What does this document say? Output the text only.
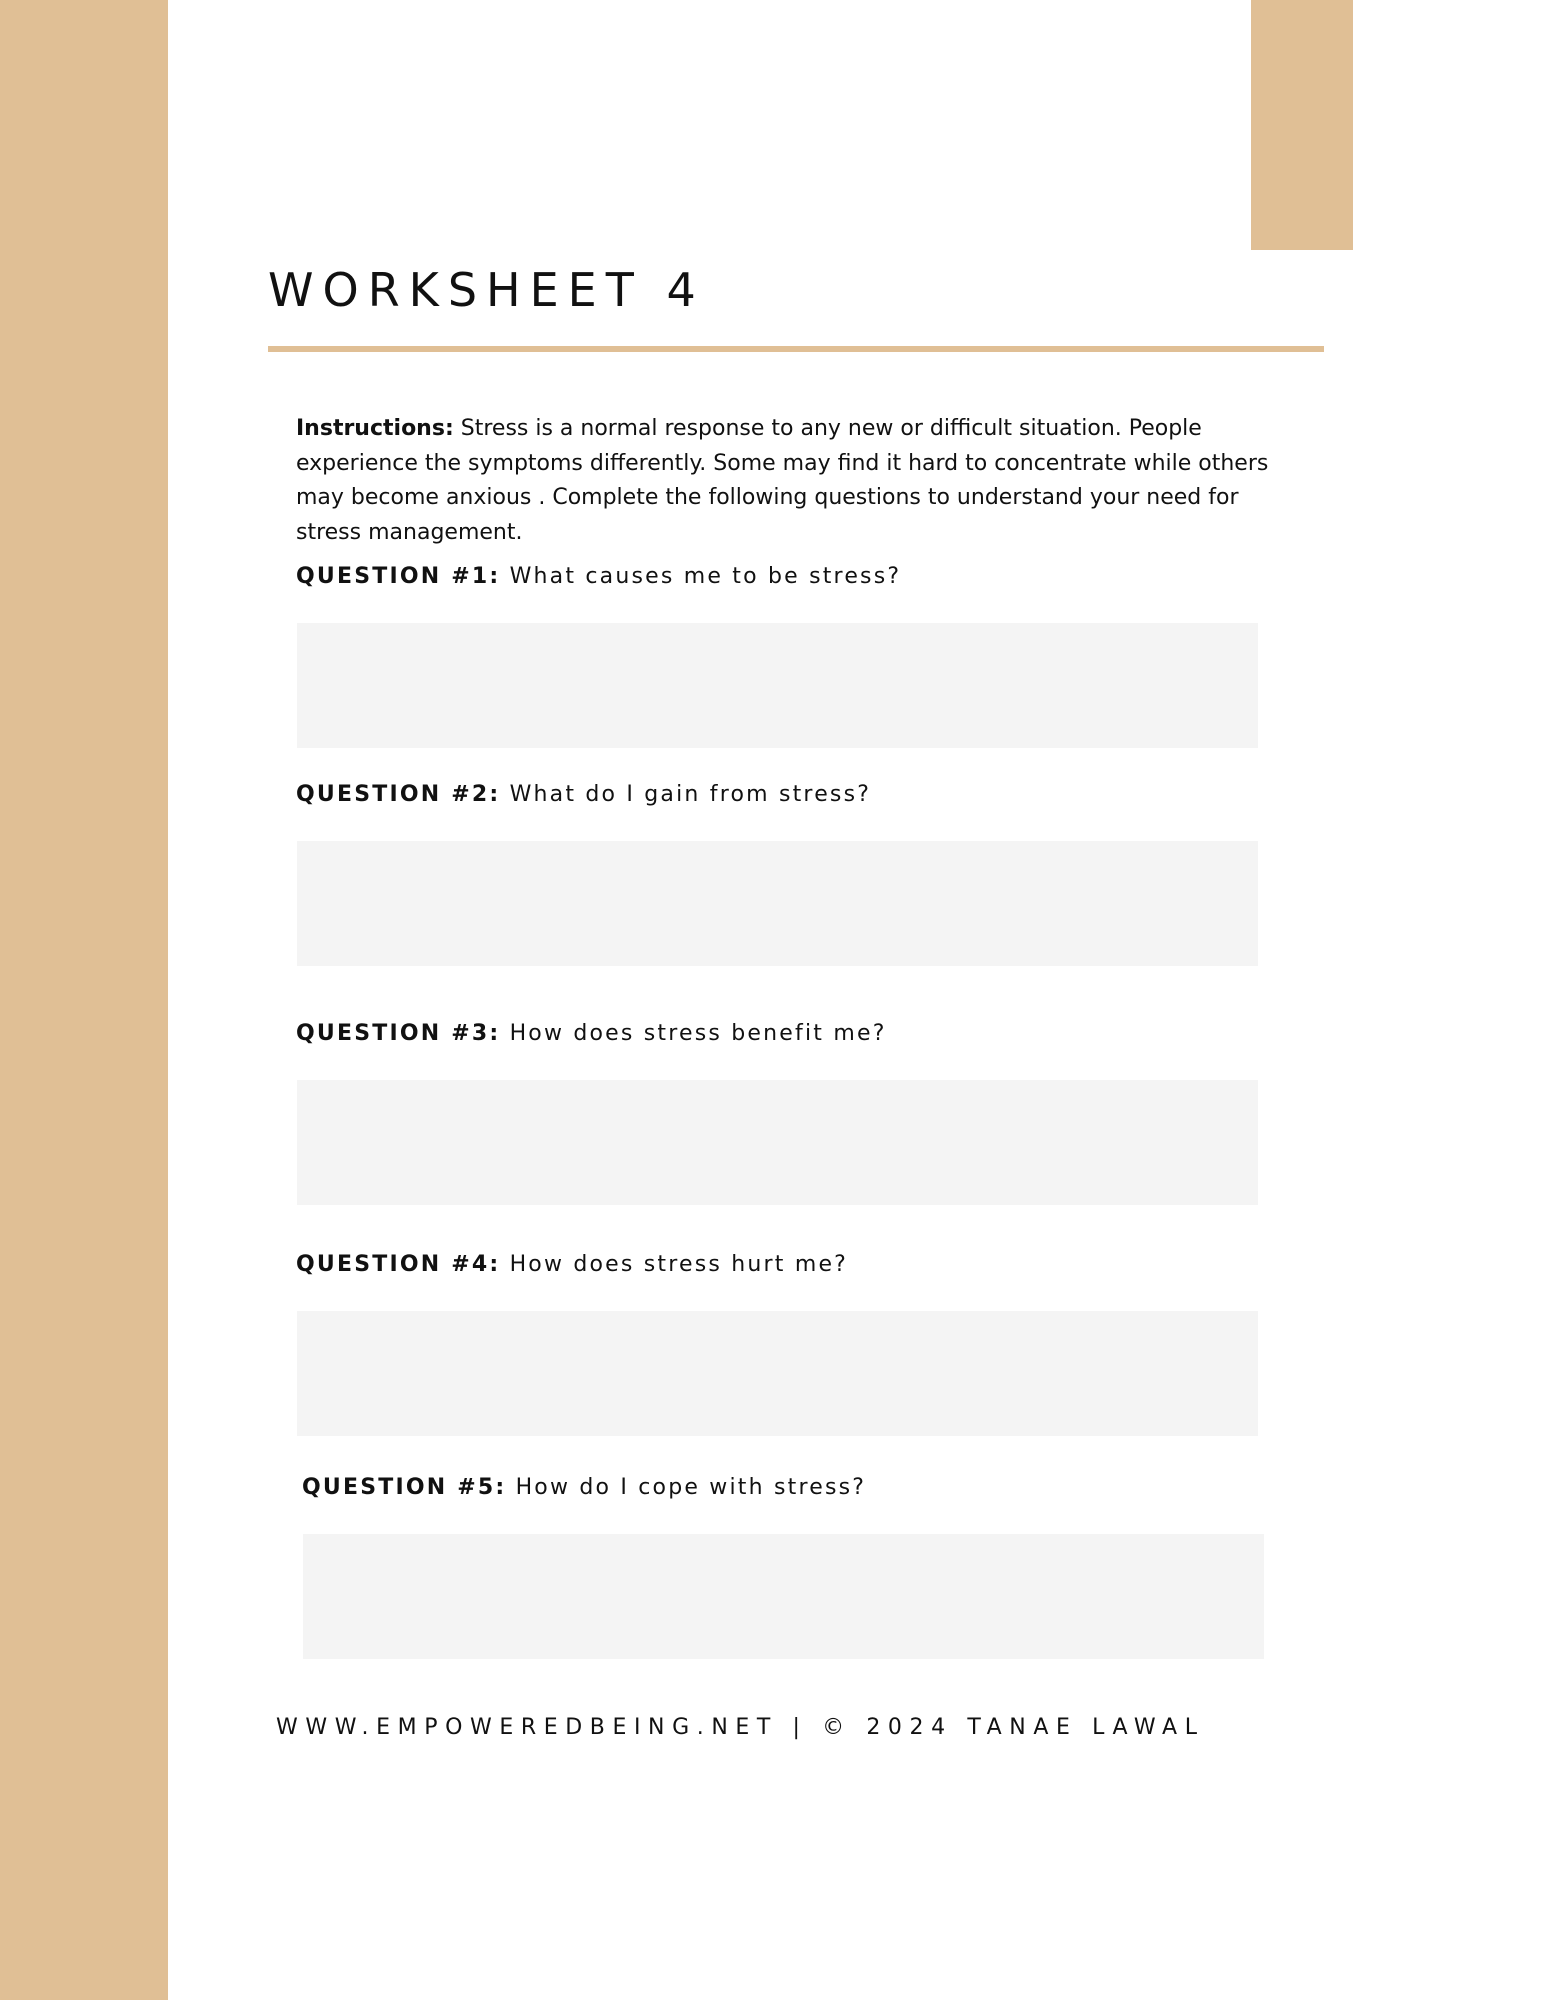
WORKSHEET 4

Instructions: Stress is a normal response to any new or difficult situation. People experience the symptoms differently. Some may find it hard to concentrate while others may become anxious . Complete the following questions to understand your need for stress management.

QUESTION #1: What causes me to be stress?

QUESTION #2: What do I gain from stress?

QUESTION #3: How does stress benefit me?

QUESTION #4: How does stress hurt me?

QUESTION #5: How do I cope with stress?

WWW.EMPOWEREDBEING.NET | © 2024 TANAE LAWAL
